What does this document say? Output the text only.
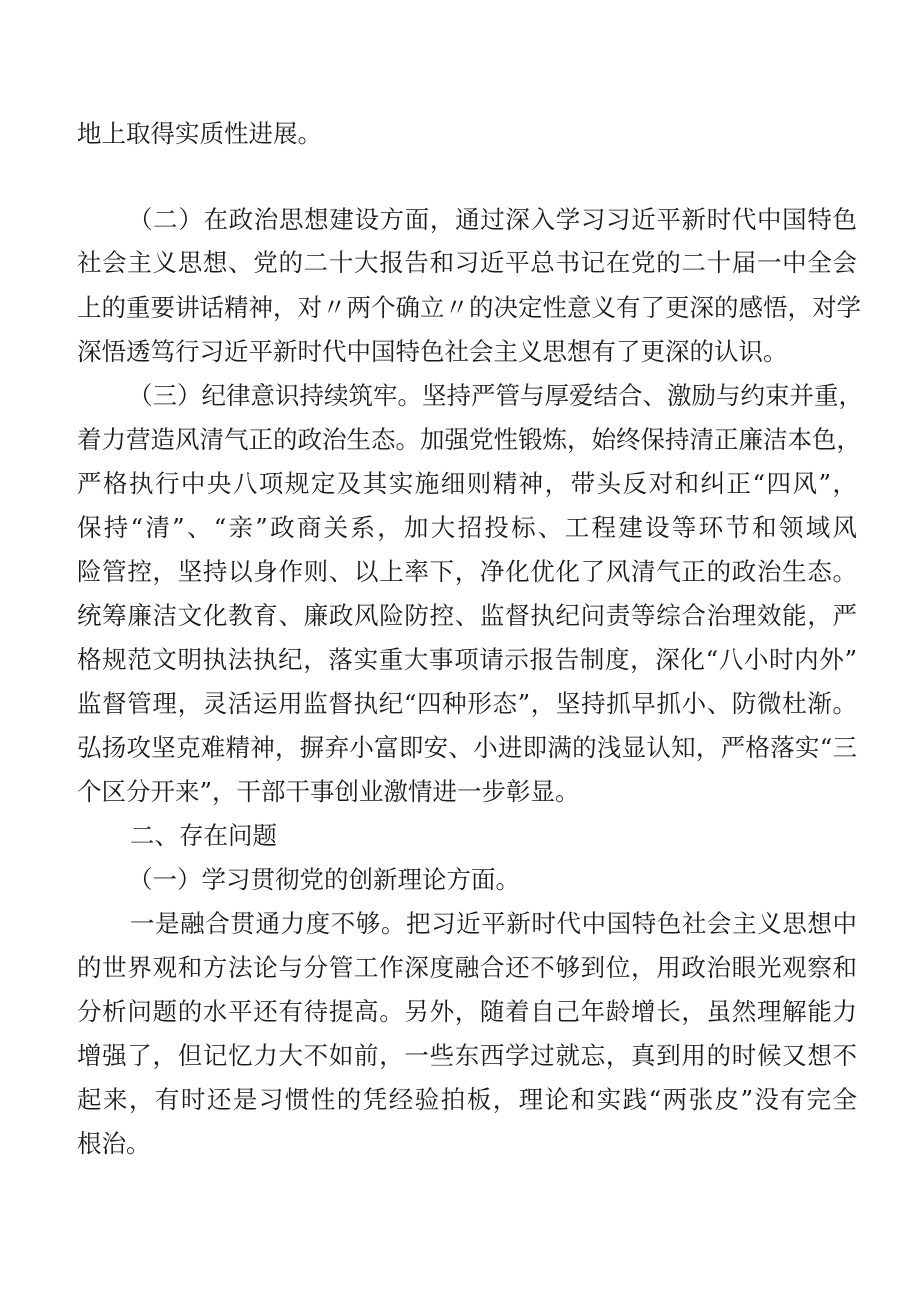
地上取得实质性进展。
（二）在政治思想建设方面，通过深入学习习近平新时代中国特色
社会主义思想、党的二十大报告和习近平总书记在党的二十届一中全会
上的重要讲话精神，对〃两个确立〃的决定性意义有了更深的感悟，对学
深悟透笃行习近平新时代中国特色社会主义思想有了更深的认识。
（三）纪律意识持续筑牢。坚持严管与厚爱结合、激励与约束并重，
着力营造风清气正的政治生态。加强党性锻炼，始终保持清正廉洁本色，
严格执行中央八项规定及其实施细则精神，带头反对和纠正“四风”，
保持“清”、“亲”政商关系，加大招投标、工程建设等环节和领域风
险管控，坚持以身作则、以上率下，净化优化了风清气正的政治生态。
统筹廉洁文化教育、廉政风险防控、监督执纪问责等综合治理效能，严
格规范文明执法执纪，落实重大事项请示报告制度，深化“八小时内外”
监督管理，灵活运用监督执纪“四种形态”，坚持抓早抓小、防微杜渐。
弘扬攻坚克难精神，摒弃小富即安、小进即满的浅显认知，严格落实“三
个区分开来”，干部干事创业激情进一步彰显。
二、存在问题
（一）学习贯彻党的创新理论方面。
一是融合贯通力度不够。把习近平新时代中国特色社会主义思想中
的世界观和方法论与分管工作深度融合还不够到位，用政治眼光观察和
分析问题的水平还有待提高。另外，随着自己年龄增长，虽然理解能力
增强了，但记忆力大不如前，一些东西学过就忘，真到用的时候又想不
起来，有时还是习惯性的凭经验拍板，理论和实践“两张皮”没有完全
根治。
